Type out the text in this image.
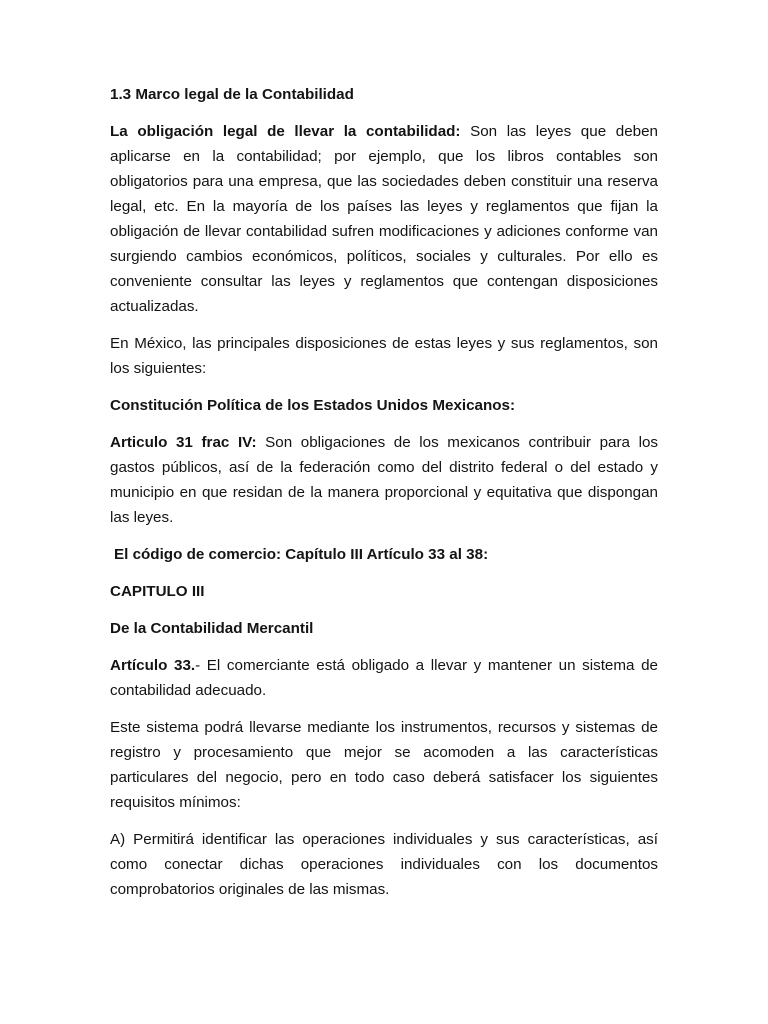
1.3 Marco legal de la Contabilidad

La obligación legal de llevar la contabilidad: Son las leyes que deben aplicarse en la contabilidad; por ejemplo, que los libros contables son obligatorios para una empresa, que las sociedades deben constituir una reserva legal, etc. En la mayoría de los países las leyes y reglamentos que fijan la obligación de llevar contabilidad sufren modificaciones y adiciones conforme van surgiendo cambios económicos, políticos, sociales y culturales. Por ello es conveniente consultar las leyes y reglamentos que contengan disposiciones actualizadas.

En México, las principales disposiciones de estas leyes y sus reglamentos, son los siguientes:

Constitución Política de los Estados Unidos Mexicanos:

Articulo 31 frac IV: Son obligaciones de los mexicanos contribuir para los gastos públicos, así de la federación como del distrito federal o del estado y municipio en que residan de la manera proporcional y equitativa que dispongan las leyes.

El código de comercio: Capítulo III Artículo 33 al 38:

CAPITULO III

De la Contabilidad Mercantil

Artículo 33.- El comerciante está obligado a llevar y mantener un sistema de contabilidad adecuado.

Este sistema podrá llevarse mediante los instrumentos, recursos y sistemas de registro y procesamiento que mejor se acomoden a las características particulares del negocio, pero en todo caso deberá satisfacer los siguientes requisitos mínimos:

A) Permitirá identificar las operaciones individuales y sus características, así como conectar dichas operaciones individuales con los documentos comprobatorios originales de las mismas.
